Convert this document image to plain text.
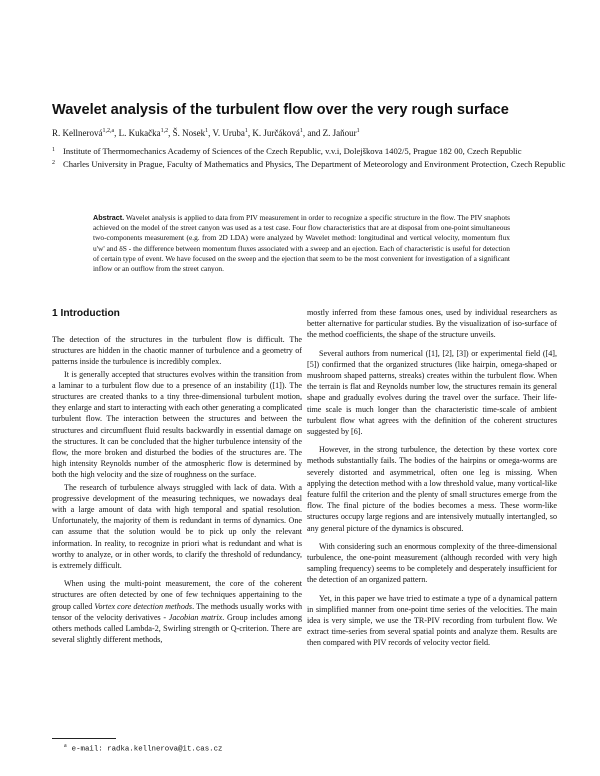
Wavelet analysis of the turbulent flow over the very rough surface
R. Kellnerová$^{1,2,a}$, L. Kukačka$^{1,2}$, Š. Nosek$^1$, V. Uruba$^1$, K. Jurčáková$^1$, and Z. Jaňour$^1$
1 Institute of Thermomechanics Academy of Sciences of the Czech Republic, v.v.i, Dolejškova 1402/5, Prague 182 00, Czech Republic
2 Charles University in Prague, Faculty of Mathematics and Physics, The Department of Meteorology and Environment Protection, Czech Republic
Abstract. Wavelet analysis is applied to data from PIV measurement in order to recognize a specific structure in the flow. The PIV snaphots achieved on the model of the street canyon was used as a test case. Four flow characteristics that are at disposal from one-point simultaneous two-components measurement (e.g. from 2D LDA) were analyzed by Wavelet method: longitudinal and vertical velocity, momentum flux u'w' and δS - the difference between momentum fluxes associated with a sweep and an ejection. Each of characteristic is useful for detection of certain type of event. We have focused on the sweep and the ejection that seem to be the most convenient for investigation of a significant inflow or an outflow from the street canyon.
1 Introduction

The detection of the structures in the turbulent flow is difficult. The structures are hidden in the chaotic manner of turbulence and a geometry of patterns inside the turbulence is incredibly complex.

It is generally accepted that structures evolves within the transition from a laminar to a turbulent flow due to a presence of an instability ([1]). The structures are created thanks to a tiny three-dimensional turbulent motion, they enlarge and start to interacting with each other generating a complicated turbulent flow. The interaction between the structures and between the structures and circumfluent fluid results backwardly in essential damage on the structures. It can be concluded that the higher turbulence intensity of the flow, the more broken and disturbed the bodies of the structures are. The high intensity Reynolds number of the atmospheric flow is determined by both the high velocity and the size of roughness on the surface.

The research of turbulence always struggled with lack of data. With a progressive development of the measuring techniques, we nowadays deal with a large amount of data with high temporal and spatial resolution. Unfortunately, the majority of them is redundant in terms of dynamics. One can assume that the solution would be to pick up only the relevant information. In reality, to recognize in priori what is redundant and what is worthy to analyze, or in other words, to clarify the threshold of redundancy, is extremely difficult.

When using the multi-point measurement, the core of the coherent structures are often detected by one of few techniques appertaining to the group called Vortex core detection methods. The methods usually works with tensor of the velocity derivatives - Jacobian matrix. Group includes among others methods called Lambda-2, Swirling strength or Q-criterion. There are several slightly different methods,

mostly inferred from these famous ones, used by individual researchers as better alternative for particular studies. By the visualization of iso-surface of the method coefficients, the shape of the structure unveils.

Several authors from numerical ([1], [2], [3]) or experimental field ([4], [5]) confirmed that the organized structures (like hairpin, omega-shaped or mushroom shaped patterns, streaks) creates within the turbulent flow. When the terrain is flat and Reynolds number low, the structures remain its general shape and gradually evolves during the travel over the surface. Their life-time scale is much longer than the characteristic time-scale of ambient turbulent flow what agrees with the definition of the coherent structures suggested by [6].

However, in the strong turbulence, the detection by these vortex core methods substantially fails. The bodies of the hairpins or omega-worms are severely distorted and asymmetrical, often one leg is missing. When applying the detection method with a low threshold value, many vortical-like feature fulfil the criterion and the plenty of small structures emerge from the flow. The final picture of the bodies becomes a mess. These worm-like structures occupy large regions and are intensively mutually intertangled, so any general picture of the dynamics is obscured.

With considering such an enormous complexity of the three-dimensional turbulence, the one-point measurement (although recorded with very high sampling frequency) seems to be completely and desperately insufficient for the detection of an organized pattern.

Yet, in this paper we have tried to estimate a type of a dynamical pattern in simplified manner from one-point time series of the velocities. The main idea is very simple, we use the TR-PIV recording from turbulent flow. We extract time-series from several spatial points and analyze them. Results are then compared with PIV records of velocity vector field.

$^a$ e-mail: radka.kellnerova@it.cas.cz
